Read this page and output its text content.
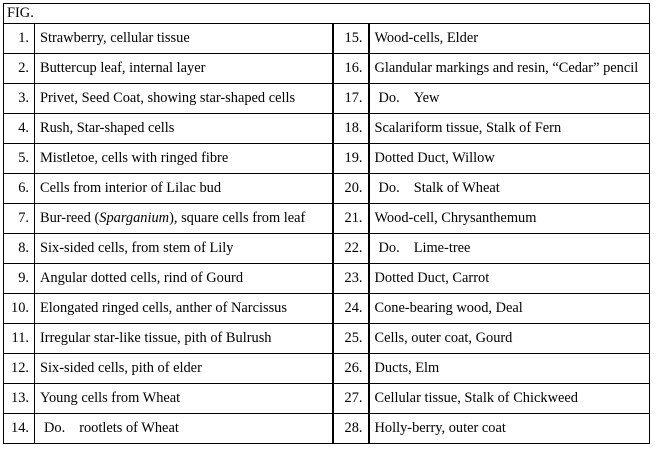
FIG.			
1.	Strawberry, cellular tissue	15.	Wood-cells, Elder
2.	Buttercup leaf, internal layer	16.	Glandular markings and resin, “Cedar” pencil
3.	Privet, Seed Coat, showing star-shaped cells	17.	Do. Yew
4.	Rush, Star-shaped cells	18.	Scalariform tissue, Stalk of Fern
5.	Mistletoe, cells with ringed fibre	19.	Dotted Duct, Willow
6.	Cells from interior of Lilac bud	20.	Do. Stalk of Wheat
7.	Bur-reed (Sparganium), square cells from leaf	21.	Wood-cell, Chrysanthemum
8.	Six-sided cells, from stem of Lily	22.	Do. Lime-tree
9.	Angular dotted cells, rind of Gourd	23.	Dotted Duct, Carrot
10.	Elongated ringed cells, anther of Narcissus	24.	Cone-bearing wood, Deal
11.	Irregular star-like tissue, pith of Bulrush	25.	Cells, outer coat, Gourd
12.	Six-sided cells, pith of elder	26.	Ducts, Elm
13.	Young cells from Wheat	27.	Cellular tissue, Stalk of Chickweed
14.	Do. rootlets of Wheat	28.	Holly-berry, outer coat
